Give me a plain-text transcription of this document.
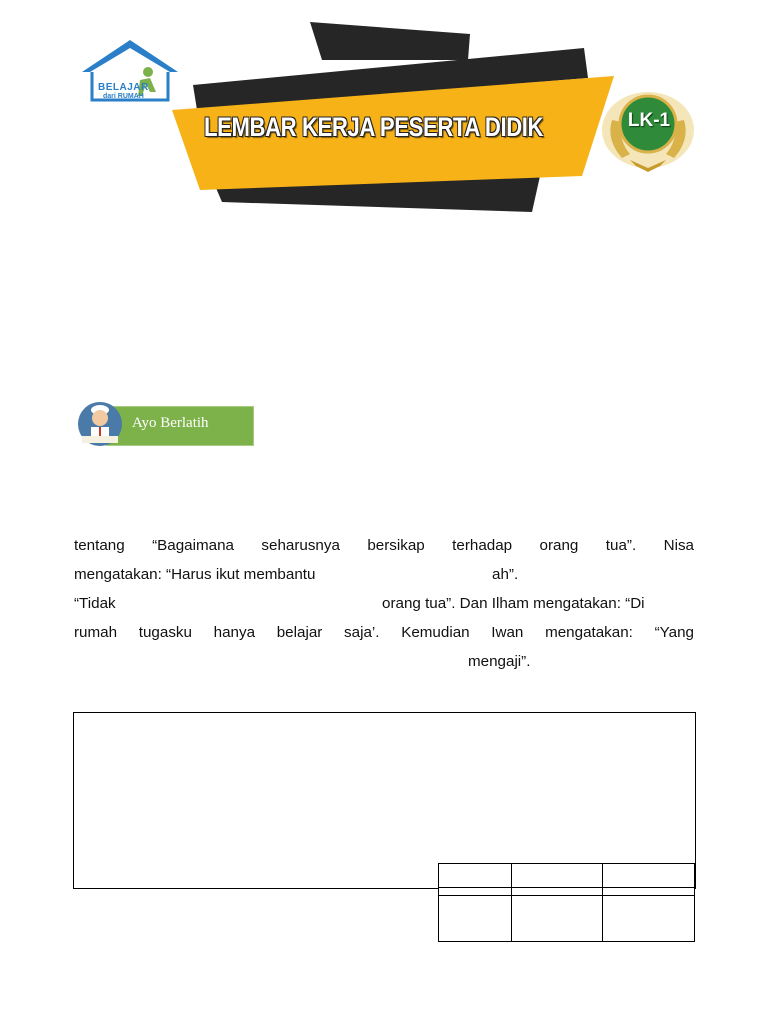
BELAJAR
dari RUMAH
LEMBAR KERJA PESERTA DIDIK	LK-1
Ayo Berlatih
tentang “Bagaimana seharusnya bersikap terhadap orang tua”. Nisa
mengatakan: “Harus ikut membantu	ah”.
“Tidak	orang tua”. Dan Ilham mengatakan: “Di
rumah tugasku hanya belajar saja’. Kemudian Iwan mengatakan: “Yang
mengaji”.
